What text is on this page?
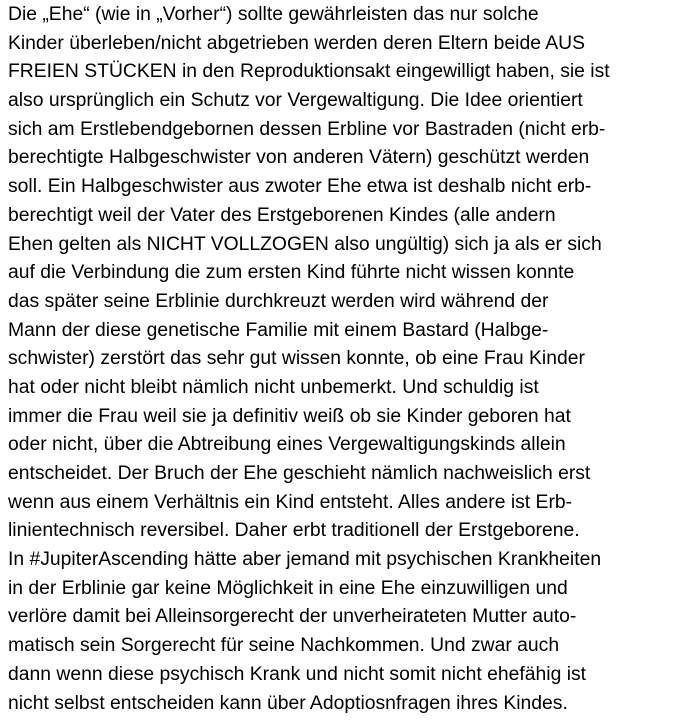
Die „Ehe“ (wie in „Vorher“) sollte gewährleisten das nur solche
Kinder überleben/nicht abgetrieben werden deren Eltern beide AUS
FREIEN STÜCKEN in den Reproduktionsakt eingewilligt haben, sie ist
also ursprünglich ein Schutz vor Vergewaltigung. Die Idee orientiert
sich am Erstlebendgebornen dessen Erbline vor Bastraden (nicht erb-
berechtigte Halbgeschwister von anderen Vätern) geschützt werden
soll. Ein Halbgeschwister aus zwoter Ehe etwa ist deshalb nicht erb-
berechtigt weil der Vater des Erstgeborenen Kindes (alle andern
Ehen gelten als NICHT VOLLZOGEN also ungültig) sich ja als er sich
auf die Verbindung die zum ersten Kind führte nicht wissen konnte
das später seine Erblinie durchkreuzt werden wird während der
Mann der diese genetische Familie mit einem Bastard (Halbge-
schwister) zerstört das sehr gut wissen konnte, ob eine Frau Kinder
hat oder nicht bleibt nämlich nicht unbemerkt. Und schuldig ist
immer die Frau weil sie ja definitiv weiß ob sie Kinder geboren hat
oder nicht, über die Abtreibung eines Vergewaltigungskinds allein
entscheidet. Der Bruch der Ehe geschieht nämlich nachweislich erst
wenn aus einem Verhältnis ein Kind entsteht. Alles andere ist Erb-
linientechnisch reversibel. Daher erbt traditionell der Erstgeborene.
In #JupiterAscending hätte aber jemand mit psychischen Krankheiten
in der Erblinie gar keine Möglichkeit in eine Ehe einzuwilligen und
verlöre damit bei Alleinsorgerecht der unverheirateten Mutter auto-
matisch sein Sorgerecht für seine Nachkommen. Und zwar auch
dann wenn diese psychisch Krank und nicht somit nicht ehefähig ist
nicht selbst entscheiden kann über Adoptiosnfragen ihres Kindes.
